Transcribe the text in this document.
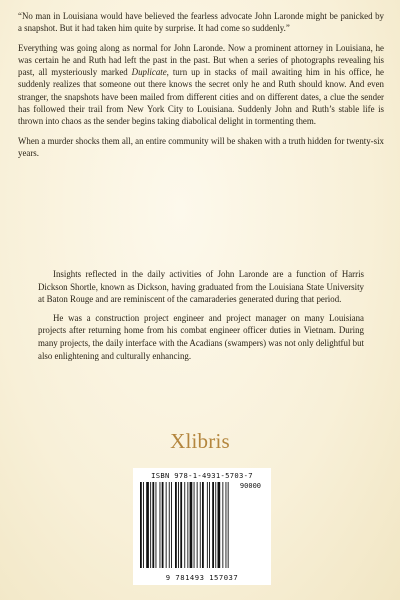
“No man in Louisiana would have believed the fearless advocate John Laronde might be panicked by a snapshot. But it had taken him quite by surprise. It had come so suddenly.”

Everything was going along as normal for John Laronde. Now a prominent attorney in Louisiana, he was certain he and Ruth had left the past in the past. But when a series of photographs revealing his past, all mysteriously marked Duplicate, turn up in stacks of mail awaiting him in his office, he suddenly realizes that someone out there knows the secret only he and Ruth should know. And even stranger, the snapshots have been mailed from different cities and on different dates, a clue the sender has followed their trail from New York City to Louisiana. Suddenly John and Ruth’s stable life is thrown into chaos as the sender begins taking diabolical delight in tormenting them.

When a murder shocks them all, an entire community will be shaken with a truth hidden for twenty-six years.

Insights reflected in the daily activities of John Laronde are a function of Harris Dickson Shortle, known as Dickson, having graduated from the Louisiana State University at Baton Rouge and are reminiscent of the camaraderies generated during that period.

He was a construction project engineer and project manager on many Louisiana projects after returning home from his combat engineer officer duties in Vietnam. During many projects, the daily interface with the Acadians (swampers) was not only delightful but also enlightening and culturally enhancing.

Xlibris
ISBN 978-1-4931-5703-7
90000
9 781493 157037
